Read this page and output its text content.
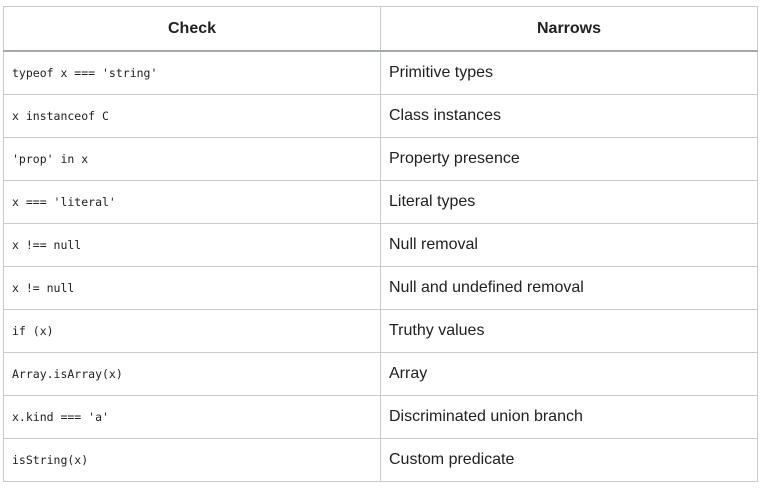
Check	Narrows
typeof x === 'string'	Primitive types
x instanceof C	Class instances
'prop' in x	Property presence
x === 'literal'	Literal types
x !== null	Null removal
x != null	Null and undefined removal
if (x)	Truthy values
Array.isArray(x)	Array
x.kind === 'a'	Discriminated union branch
isString(x)	Custom predicate
